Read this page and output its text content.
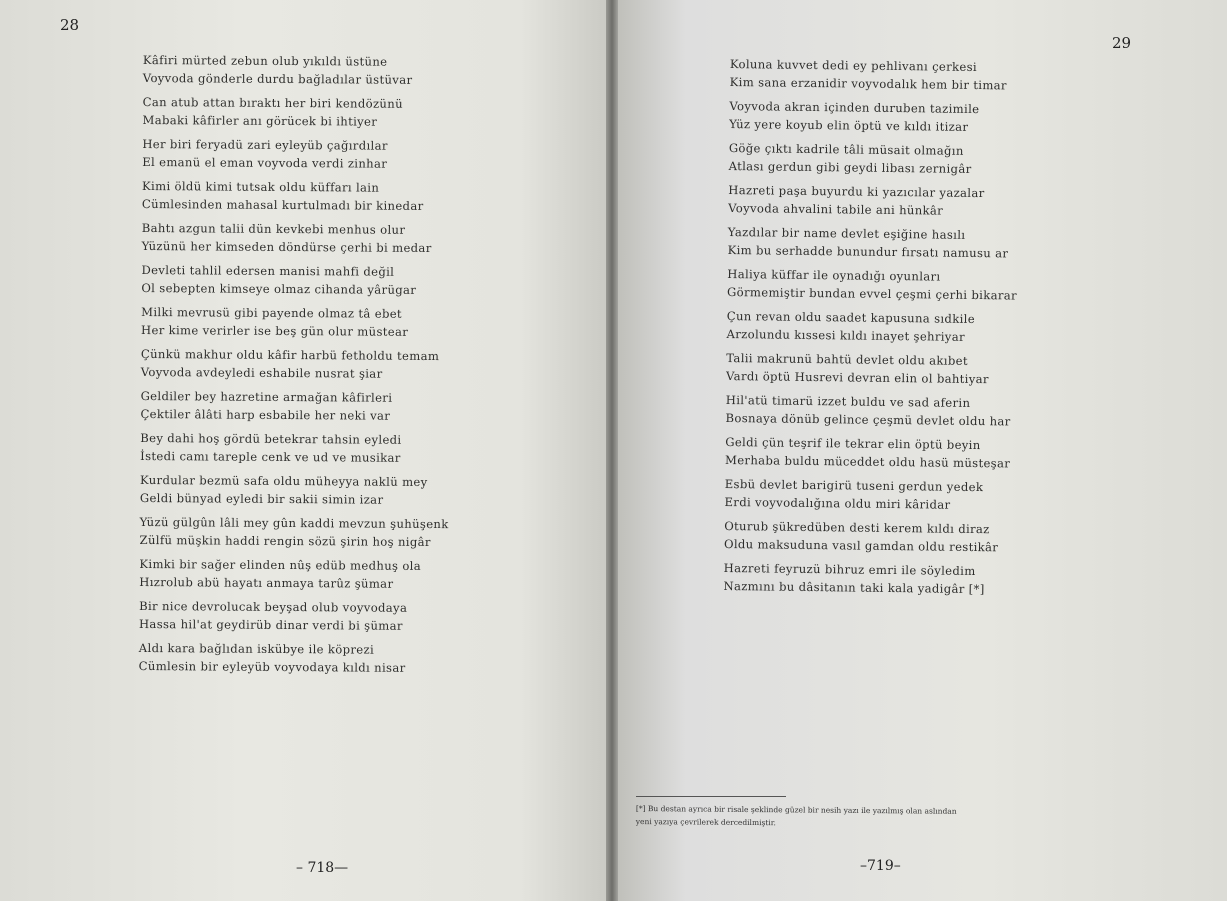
28
Kâfiri mürted zebun olub yıkıldı üstüne
Voyvoda gönderle durdu bağladılar üstüvar
Can atub attan bıraktı her biri kendözünü
Mabaki kâfirler anı görücek bi ihtiyer
Her biri feryadü zari eyleyüb çağırdılar
El emanü el eman voyvoda verdi zinhar
Kimi öldü kimi tutsak oldu küffarı lain
Cümlesinden mahasal kurtulmadı bir kinedar
Bahtı azgun talii dün kevkebi menhus olur
Yüzünü her kimseden döndürse çerhi bi medar
Devleti tahlil edersen manisi mahfi değil
Ol sebepten kimseye olmaz cihanda yârügar
Milki mevrusü gibi payende olmaz tâ ebet
Her kime verirler ise beş gün olur müstear
Çünkü makhur oldu kâfir harbü fetholdu temam
Voyvoda avdeyledi eshabile nusrat şiar
Geldiler bey hazretine armağan kâfirleri
Çektiler âlâti harp esbabile her neki var
Bey dahi hoş gördü betekrar tahsin eyledi
İstedi camı tareple cenk ve ud ve musikar
Kurdular bezmü safa oldu müheyya naklü mey
Geldi bünyad eyledi bir sakii simin izar
Yüzü gülgûn lâli mey gûn kaddi mevzun şuhüşenk
Zülfü müşkin haddi rengin sözü şirin hoş nigâr
Kimki bir sağer elinden nûş edüb medhuş ola
Hızrolub abü hayatı anmaya tarûz şümar
Bir nice devrolucak beyşad olub voyvodaya
Hassa hil'at geydirüb dinar verdi bi şümar
Aldı kara bağlıdan iskübye ile köprezi
Cümlesin bir eyleyüb voyvodaya kıldı nisar
– 718—
29
Koluna kuvvet dedi ey pehlivanı çerkesi
Kim sana erzanidir voyvodalık hem bir timar
Voyvoda akran içinden duruben tazimile
Yüz yere koyub elin öptü ve kıldı itizar
Göğe çıktı kadrile tâli müsait olmağın
Atlası gerdun gibi geydi libası zernigâr
Hazreti paşa buyurdu ki yazıcılar yazalar
Voyvoda ahvalini tabile ani hünkâr
Yazdılar bir name devlet eşiğine hasılı
Kim bu serhadde bunundur fırsatı namusu ar
Haliya küffar ile oynadığı oyunları
Görmemiştir bundan evvel çeşmi çerhi bikarar
Çun revan oldu saadet kapusuna sıdkile
Arzolundu kıssesi kıldı inayet şehriyar
Talii makrunü bahtü devlet oldu akıbet
Vardı öptü Husrevi devran elin ol bahtiyar
Hil'atü timarü izzet buldu ve sad aferin
Bosnaya dönüb gelince çeşmü devlet oldu har
Geldi çün teşrif ile tekrar elin öptü beyin
Merhaba buldu müceddet oldu hasü müsteşar
Esbü devlet barigirü tuseni gerdun yedek
Erdi voyvodalığına oldu miri kâridar
Oturub şükredüben desti kerem kıldı diraz
Oldu maksuduna vasıl gamdan oldu restikâr
Hazreti feyruzü bihruz emri ile söyledim
Nazmını bu dâsitanın taki kala yadigâr [*]
[*] Bu destan ayrıca bir risale şeklinde güzel bir nesih yazı ile yazılmış olan aslından
yeni yazıya çevrilerek dercedilmiştir.
–719–
